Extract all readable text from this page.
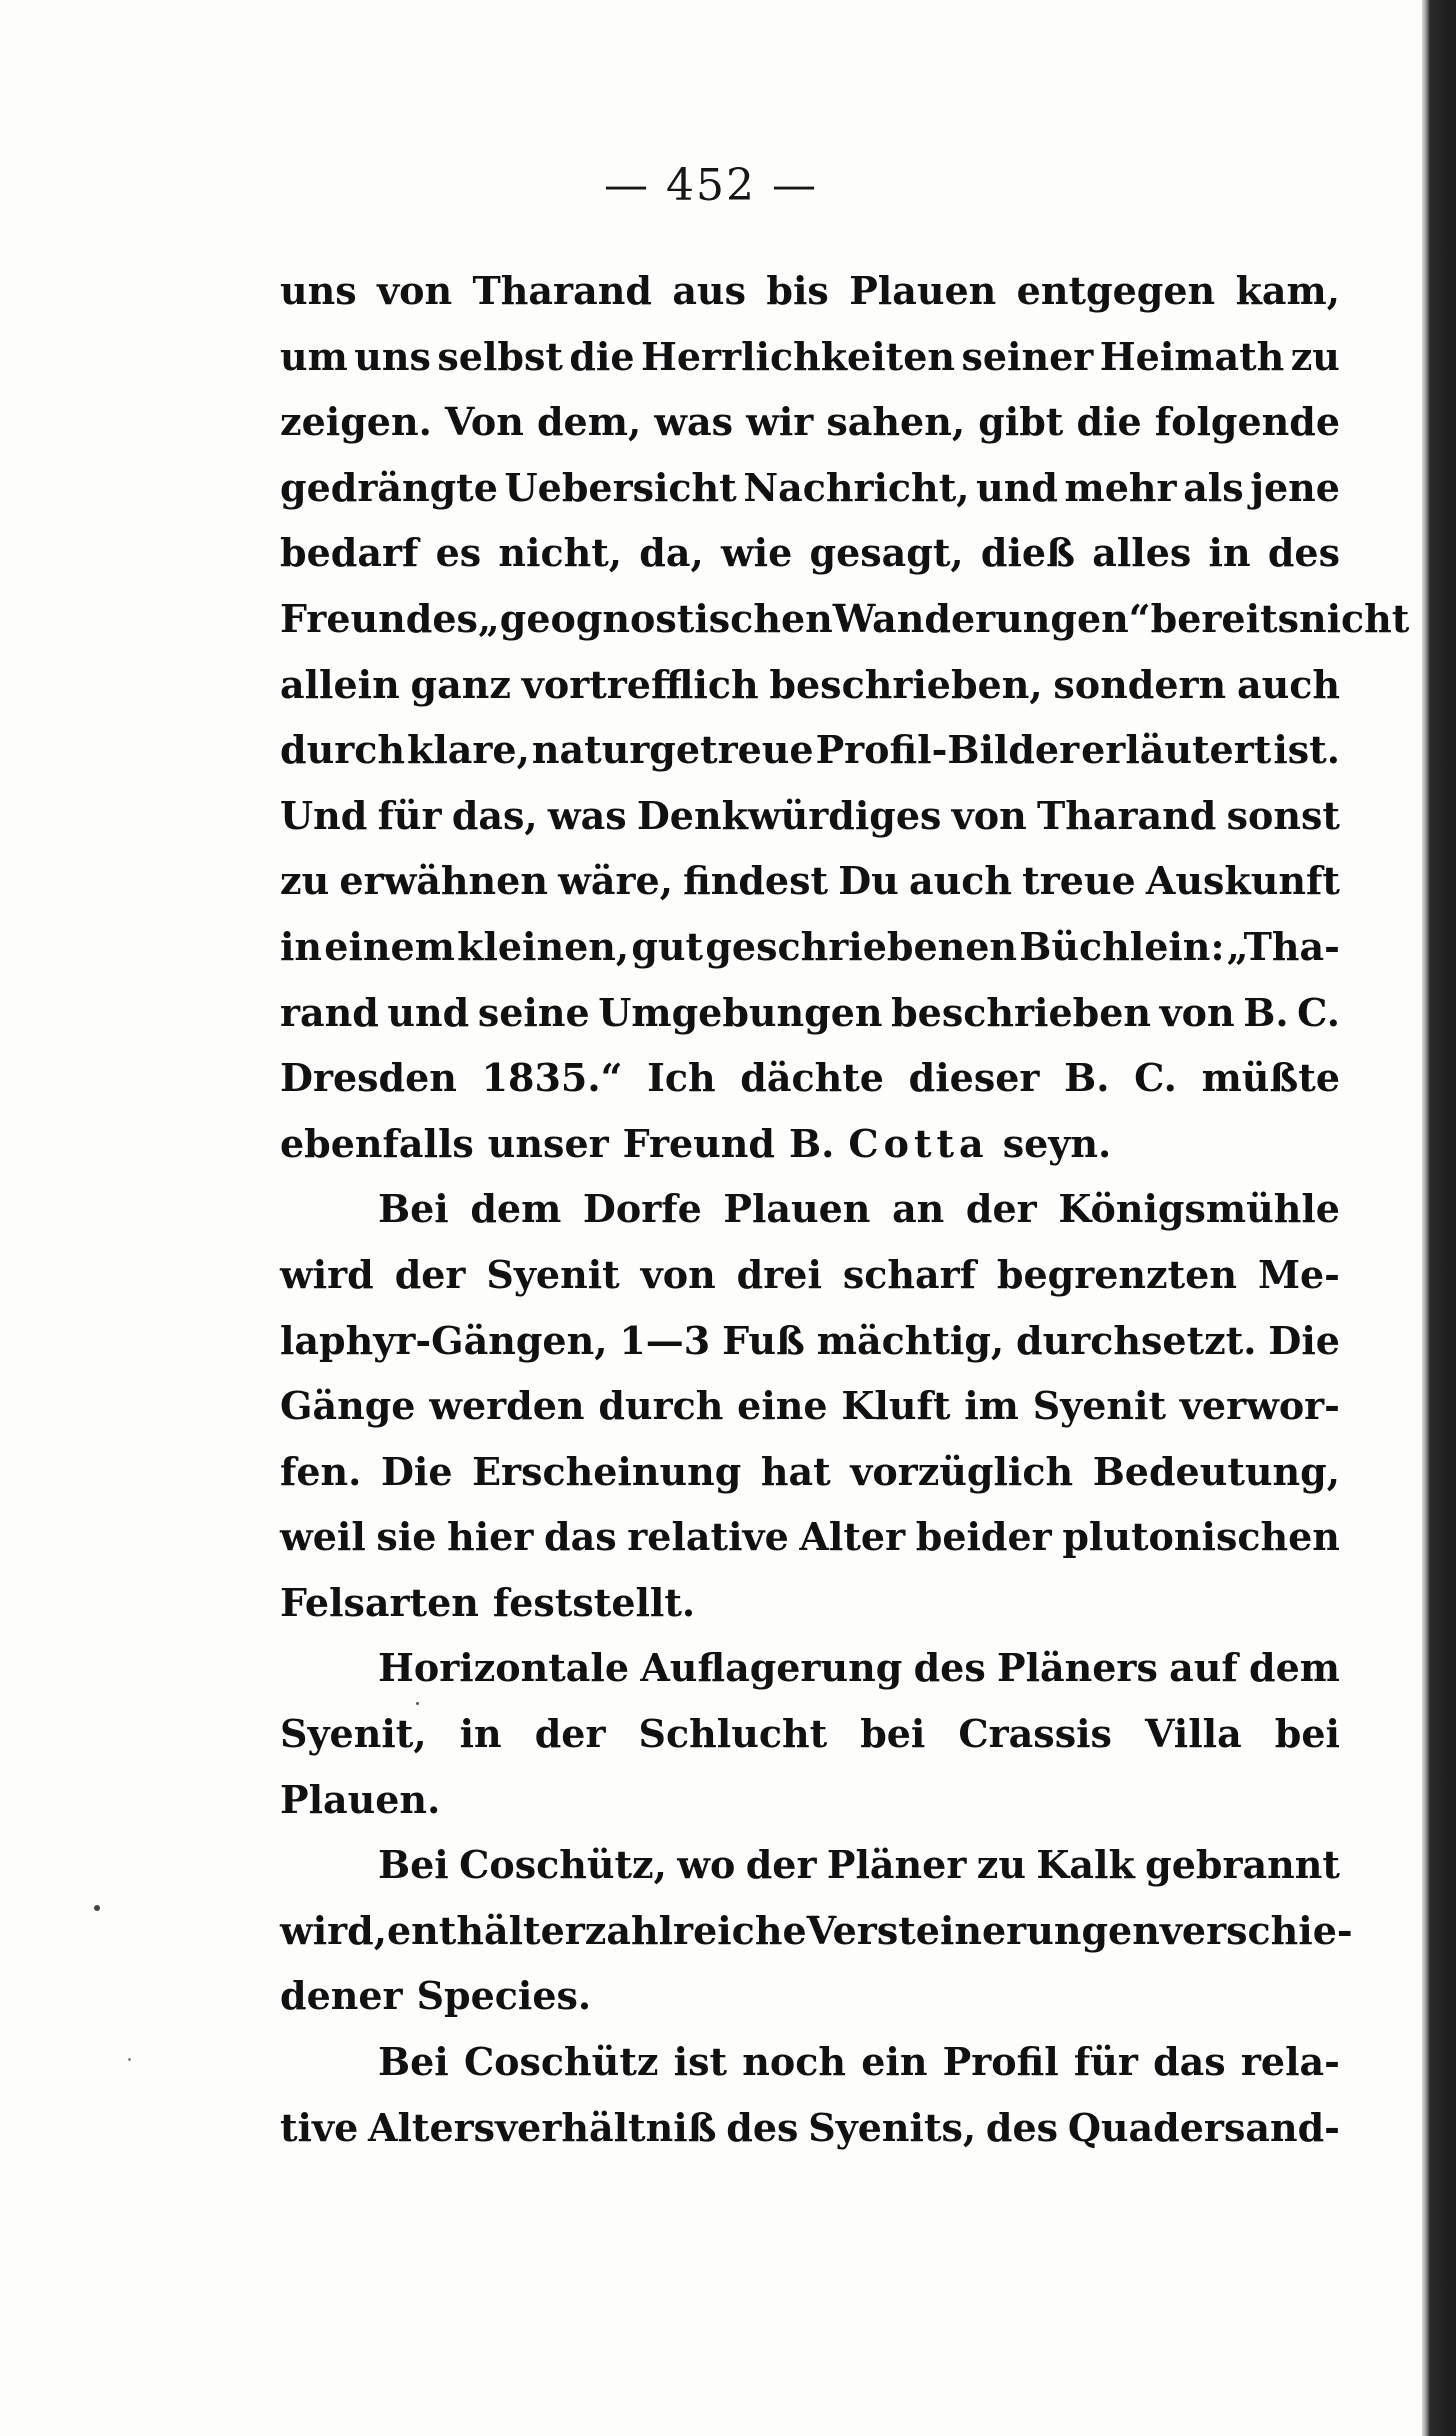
— 452 —
uns von Tharand aus bis Plauen entgegen kam,
um uns selbst die Herrlichkeiten seiner Heimath zu
zeigen. Von dem, was wir sahen, gibt die folgende
gedrängte Uebersicht Nachricht, und mehr als jene
bedarf es nicht, da, wie gesagt, dieß alles in des
Freundes „geognostischen Wanderungen“ bereits nicht
allein ganz vortrefflich beschrieben, sondern auch
durch klare, naturgetreue Profil-Bilder erläutert ist.
Und für das, was Denkwürdiges von Tharand sonst
zu erwähnen wäre, findest Du auch treue Auskunft
in einem kleinen, gut geschriebenen Büchlein: „Tha-
rand und seine Umgebungen beschrieben von B. C.
Dresden 1835.“ Ich dächte dieser B. C. müßte
ebenfalls unser Freund B. Cotta seyn.
Bei dem Dorfe Plauen an der Königsmühle
wird der Syenit von drei scharf begrenzten Me-
laphyr-Gängen, 1—3 Fuß mächtig, durchsetzt. Die
Gänge werden durch eine Kluft im Syenit verwor-
fen. Die Erscheinung hat vorzüglich Bedeutung,
weil sie hier das relative Alter beider plutonischen
Felsarten feststellt.
Horizontale Auflagerung des Pläners auf dem
Syenit, in der Schlucht bei Crassis Villa bei
Plauen.
Bei Coschütz, wo der Pläner zu Kalk gebrannt
wird, enthält er zahlreiche Versteinerungen verschie-
dener Species.
Bei Coschütz ist noch ein Profil für das rela-
tive Altersverhältniß des Syenits, des Quadersand-
